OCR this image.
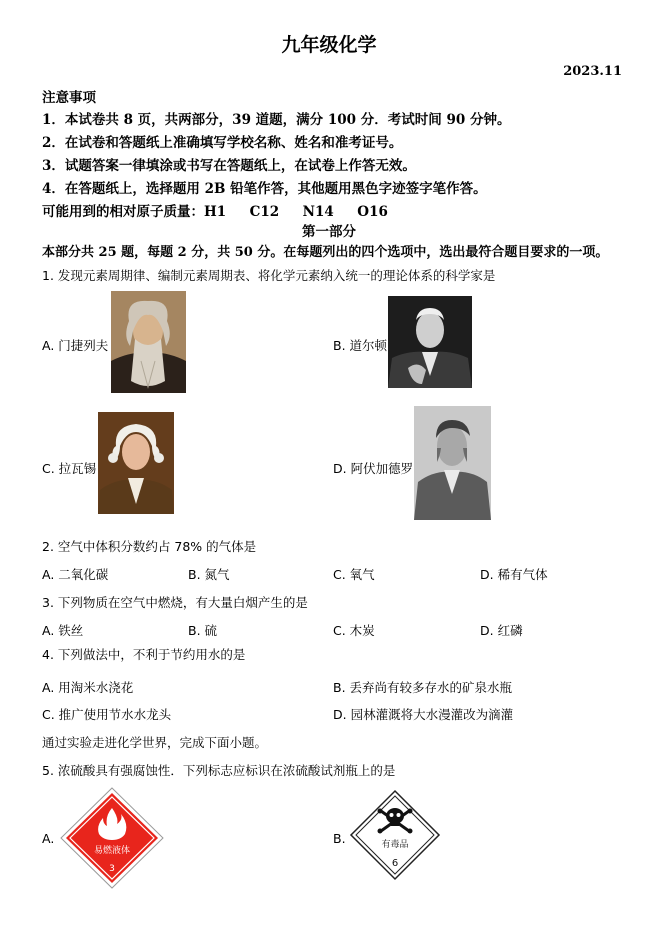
九年级化学
2023.11
注意事项
1．本试卷共 8 页，共两部分，39 道题，满分 100 分．考试时间 90 分钟。
2．在试卷和答题纸上准确填写学校名称、姓名和准考证号。
3．试题答案一律填涂或书写在答题纸上，在试卷上作答无效。
4．在答题纸上，选择题用 2B 铅笔作答，其他题用黑色字迹签字笔作答。
可能用到的相对原子质量：H1     C12     N14     O16
第一部分
本部分共 25 题，每题 2 分，共 50 分。在每题列出的四个选项中，选出最符合题目要求的一项。
1. 发现元素周期律、编制元素周期表、将化学元素纳入统一的理论体系的科学家是
A. 门捷列夫	B. 道尔顿
C. 拉瓦锡	D. 阿伏加德罗
2. 空气中体积分数约占 78% 的气体是
A. 二氧化碳	B. 氮气	C. 氧气	D. 稀有气体
3. 下列物质在空气中燃烧，有大量白烟产生的是
A. 铁丝	B. 硫	C. 木炭	D. 红磷
4. 下列做法中，不利于节约用水的是
A. 用淘米水浇花	B. 丢弃尚有较多存水的矿泉水瓶
C. 推广使用节水水龙头	D. 园林灌溉将大水漫灌改为滴灌
通过实验走进化学世界，完成下面小题。
5. 浓硫酸具有强腐蚀性．下列标志应标识在浓硫酸试剂瓶上的是
A.
易燃液体
3
B.	有毒品
6
